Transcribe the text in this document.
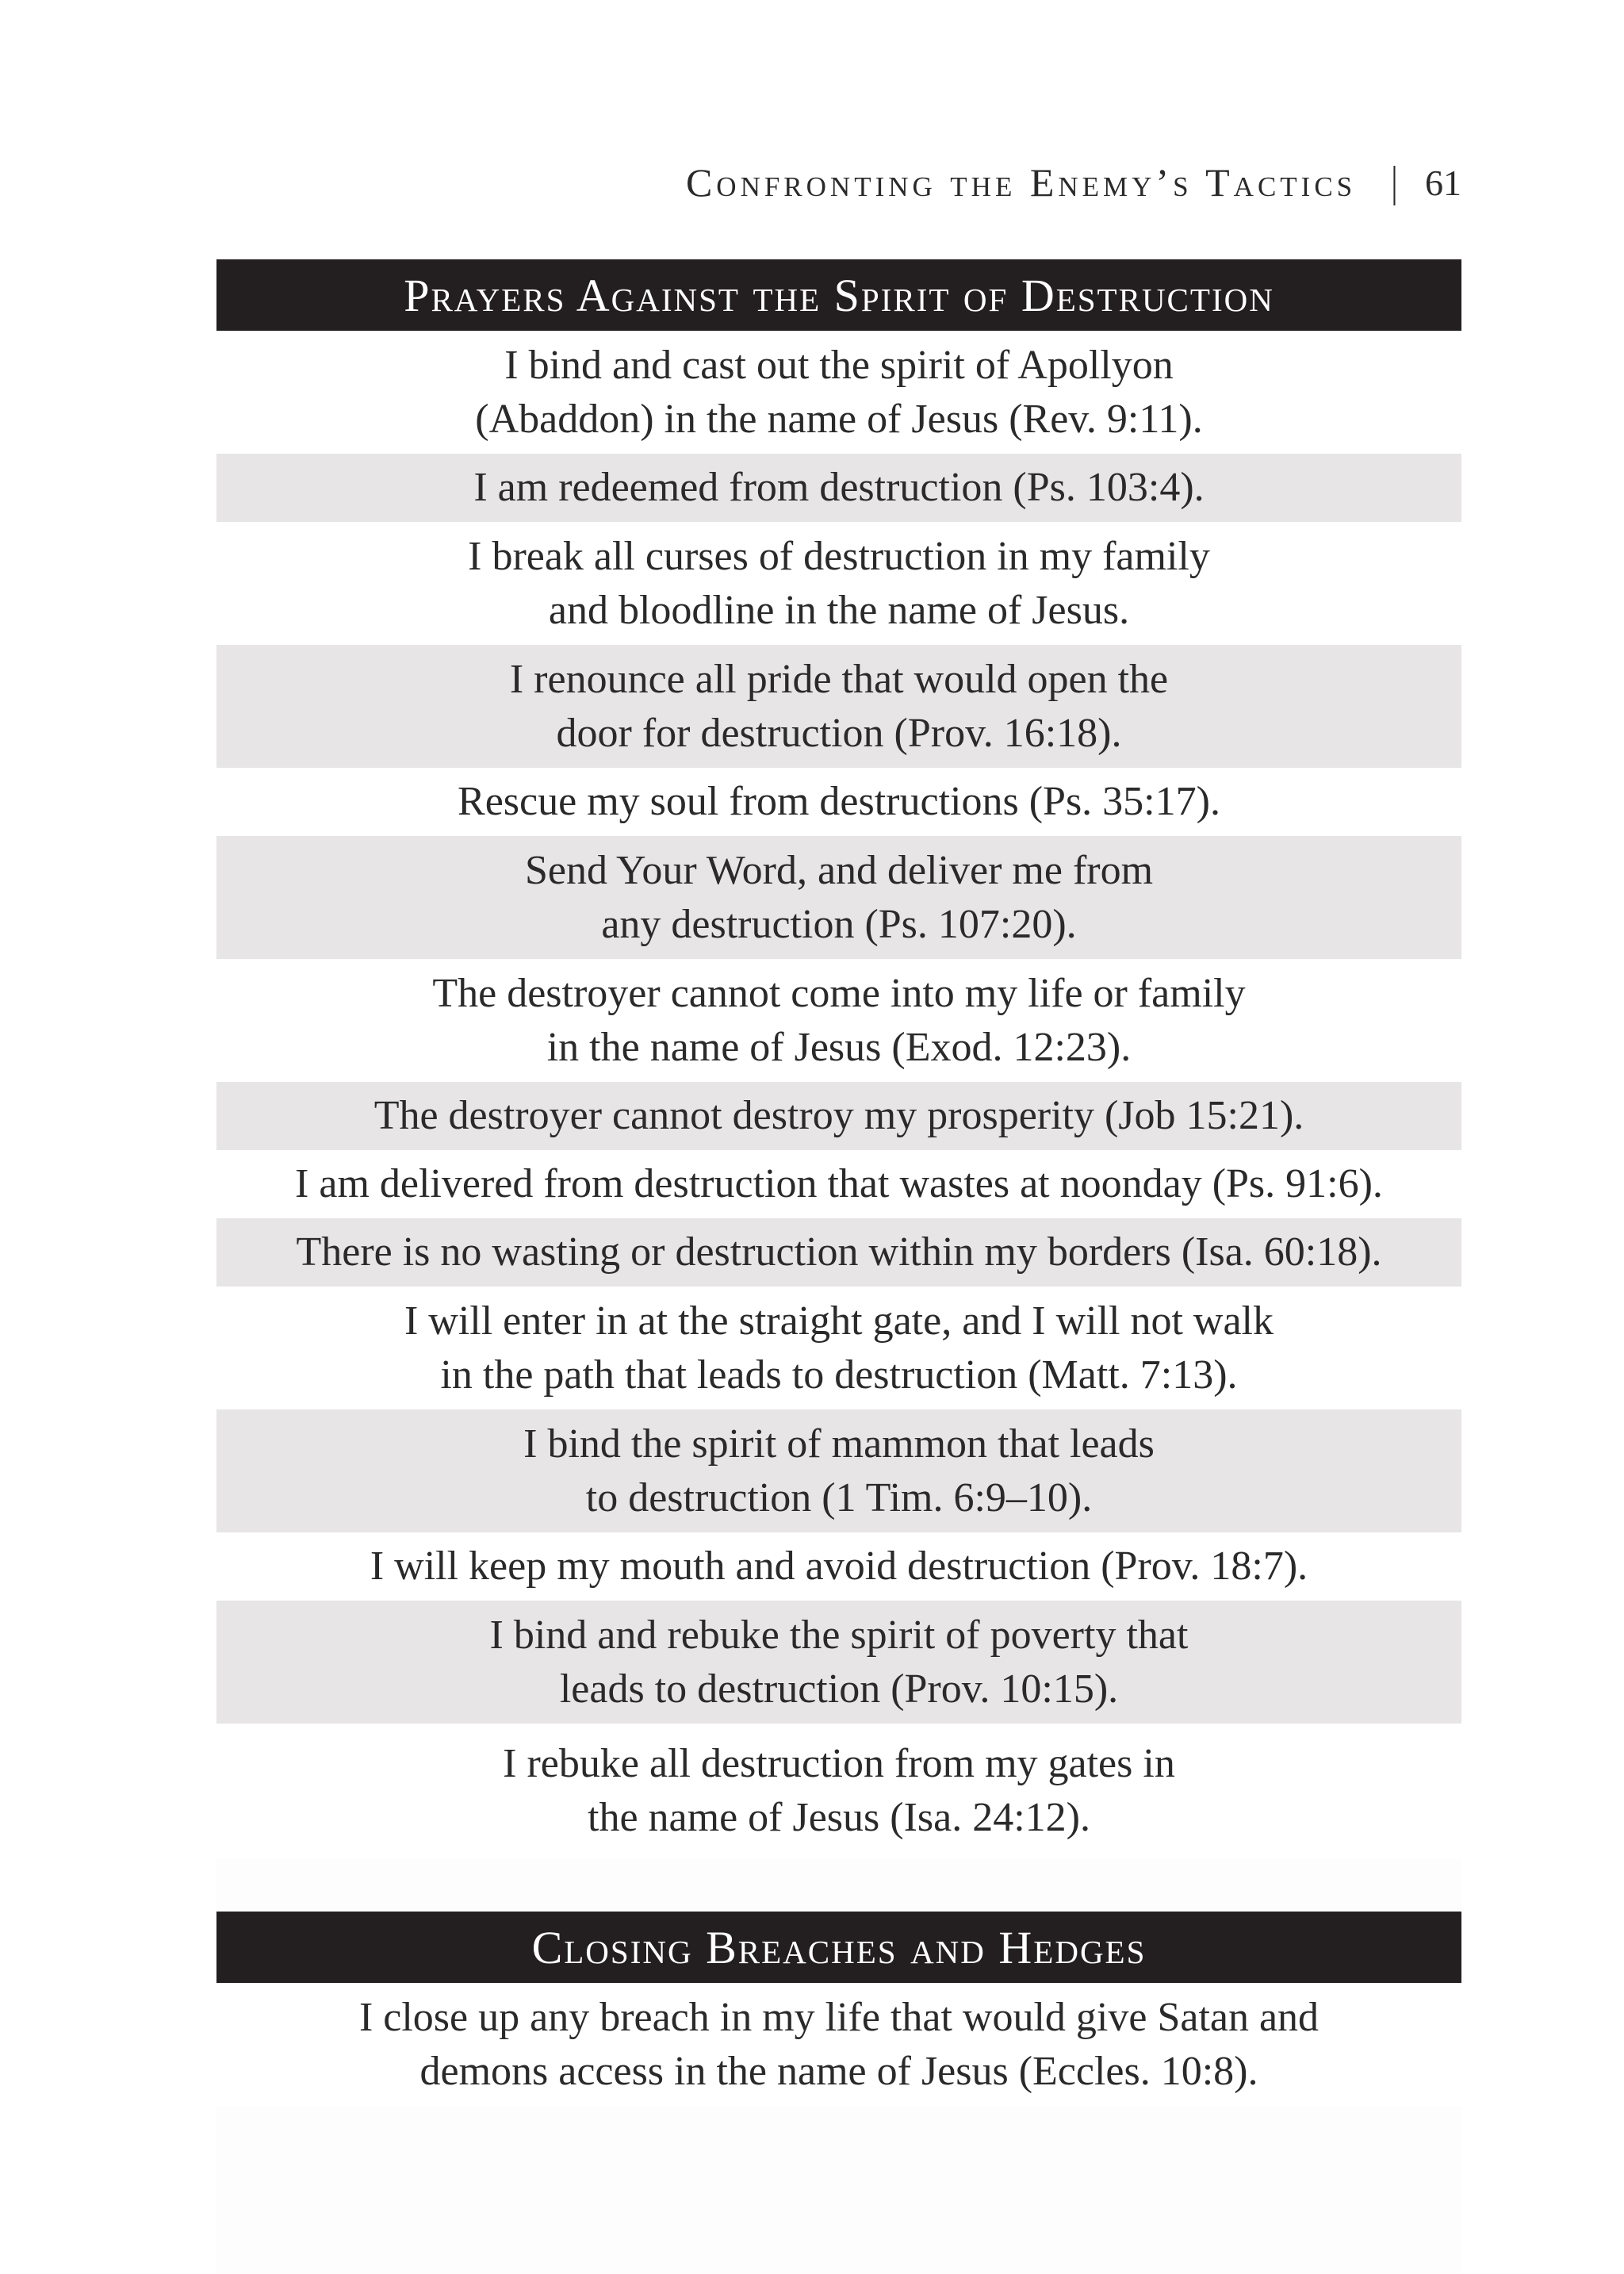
Confronting the Enemy’s Tactics | 61
Prayers Against the Spirit of Destruction
I bind and cast out the spirit of Apollyon
(Abaddon) in the name of Jesus (Rev. 9:11).
I am redeemed from destruction (Ps. 103:4).
I break all curses of destruction in my family
and bloodline in the name of Jesus.
I renounce all pride that would open the
door for destruction (Prov. 16:18).
Rescue my soul from destructions (Ps. 35:17).
Send Your Word, and deliver me from
any destruction (Ps. 107:20).
The destroyer cannot come into my life or family
in the name of Jesus (Exod. 12:23).
The destroyer cannot destroy my prosperity (Job 15:21).
I am delivered from destruction that wastes at noonday (Ps. 91:6).
There is no wasting or destruction within my borders (Isa. 60:18).
I will enter in at the straight gate, and I will not walk
in the path that leads to destruction (Matt. 7:13).
I bind the spirit of mammon that leads
to destruction (1 Tim. 6:9–10).
I will keep my mouth and avoid destruction (Prov. 18:7).
I bind and rebuke the spirit of poverty that
leads to destruction (Prov. 10:15).
I rebuke all destruction from my gates in
the name of Jesus (Isa. 24:12).
Closing Breaches and Hedges
I close up any breach in my life that would give Satan and
demons access in the name of Jesus (Eccles. 10:8).
